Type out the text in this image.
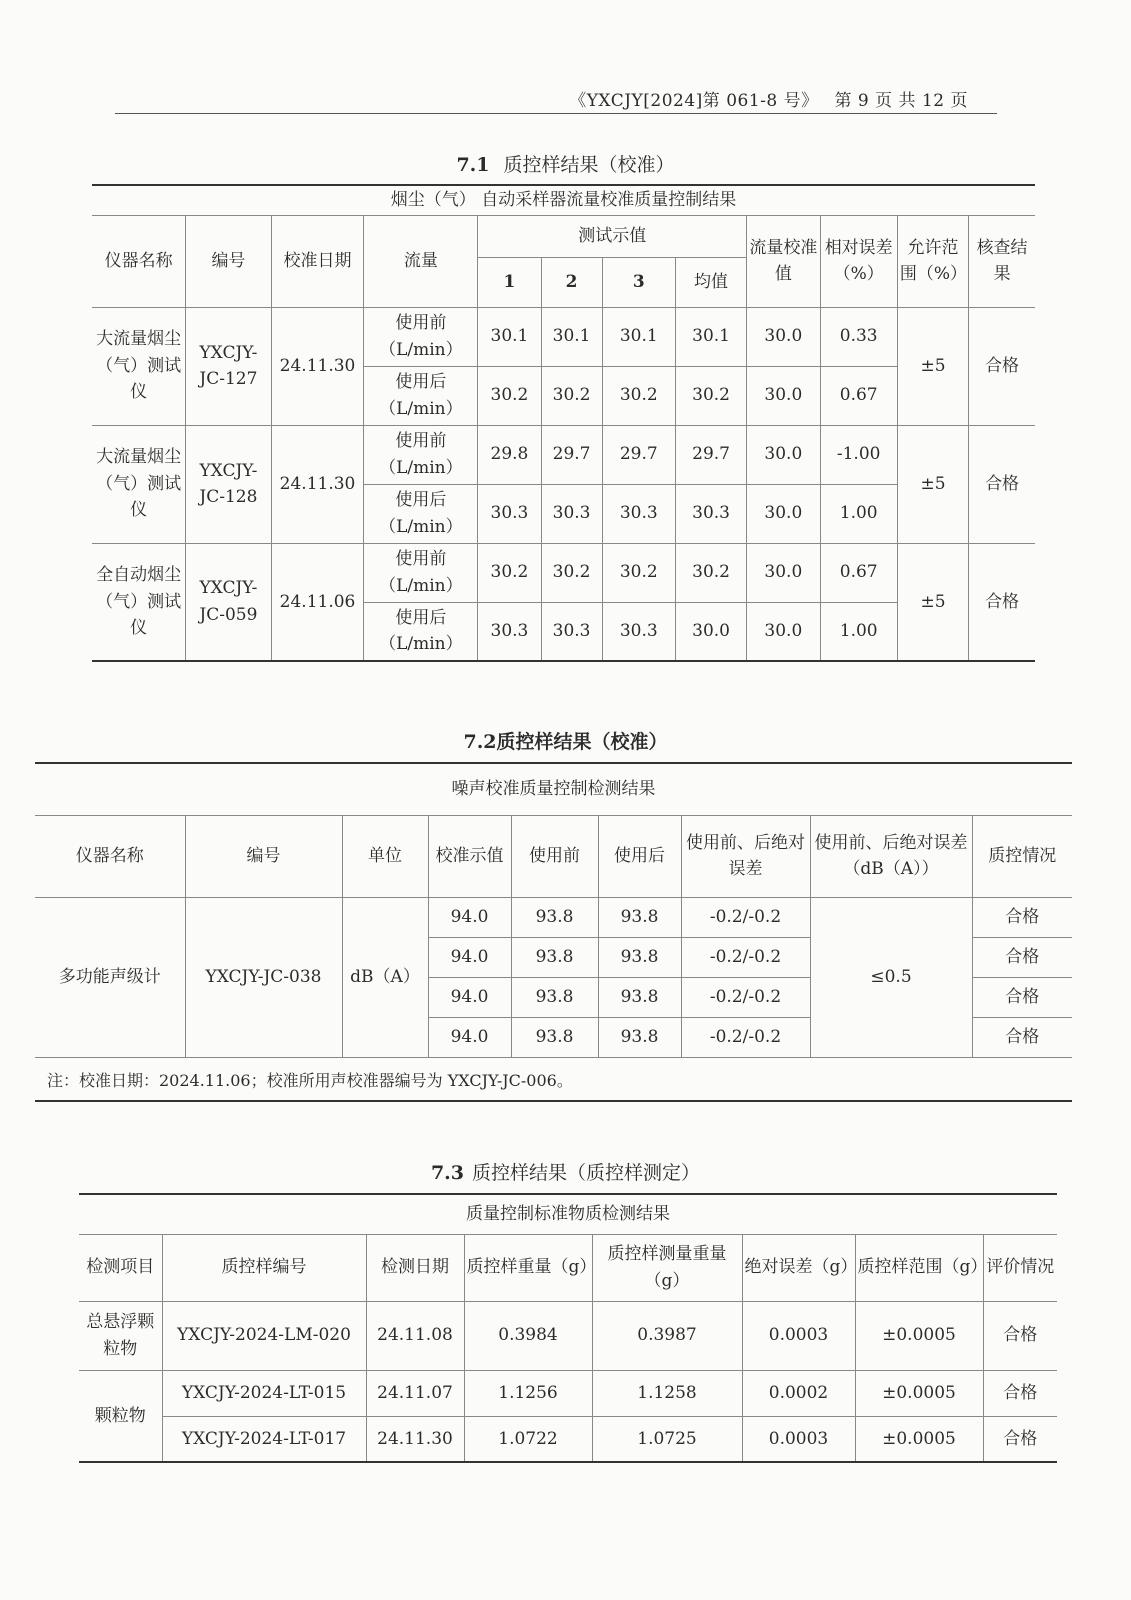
《YXCJY[2024]第 061-8 号》 第 9 页 共 12 页
7.1 质控样结果（校准）
烟尘（气） 自动采样器流量校准质量控制结果											
仪器名称	编号	校准日期	流量	测试示值				流量校准值	相对误差（%）	允许范围（%）	核查结果
				1	2	3	均值				
大流量烟尘（气）测试仪	YXCJY-JC-127	24.11.30	使用前（L/min）	30.1	30.1	30.1	30.1	30.0	0.33	±5	合格
			使用后（L/min）	30.2	30.2	30.2	30.2	30.0	0.67		
大流量烟尘（气）测试仪	YXCJY-JC-128	24.11.30	使用前（L/min）	29.8	29.7	29.7	29.7	30.0	-1.00	±5	合格
			使用后（L/min）	30.3	30.3	30.3	30.3	30.0	1.00		
全自动烟尘（气）测试仪	YXCJY-JC-059	24.11.06	使用前（L/min）	30.2	30.2	30.2	30.2	30.0	0.67	±5	合格
			使用后（L/min）	30.3	30.3	30.3	30.0	30.0	1.00		
7.2质控样结果（校准）
噪声校准质量控制检测结果								
仪器名称	编号	单位	校准示值	使用前	使用后	使用前、后绝对误差	使用前、后绝对误差（dB（A））	质控情况
多功能声级计	YXCJY-JC-038	dB（A）	94.0	93.8	93.8	-0.2/-0.2	≤0.5	合格
			94.0	93.8	93.8	-0.2/-0.2		合格
			94.0	93.8	93.8	-0.2/-0.2		合格
			94.0	93.8	93.8	-0.2/-0.2		合格
注：校准日期：2024.11.06；校准所用声校准器编号为 YXCJY-JC-006。
7.3 质控样结果（质控样测定）
质量控制标准物质检测结果							
检测项目	质控样编号	检测日期	质控样重量（g）	质控样测量重量（g）	绝对误差（g）	质控样范围（g）	评价情况
总悬浮颗粒物	YXCJY-2024-LM-020	24.11.08	0.3984	0.3987	0.0003	±0.0005	合格
颗粒物	YXCJY-2024-LT-015	24.11.07	1.1256	1.1258	0.0002	±0.0005	合格
	YXCJY-2024-LT-017	24.11.30	1.0722	1.0725	0.0003	±0.0005	合格
